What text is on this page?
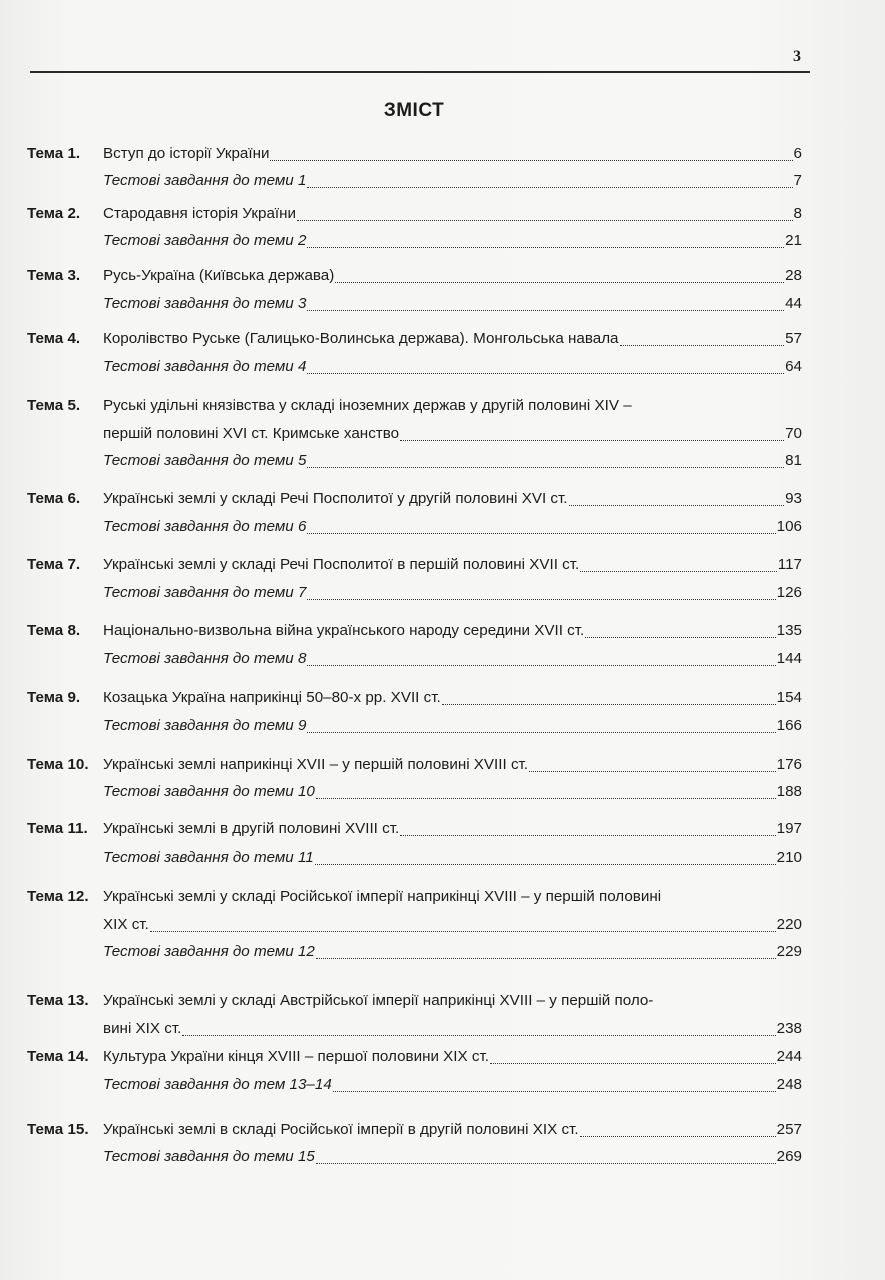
3
ЗМІСТ
Тема 1. Вступ до історії України	6
Тестові завдання до теми 1	7
Тема 2. Стародавня історія України	8
Тестові завдання до теми 2	21
Тема 3. Русь-Україна (Київська держава)	28
Тестові завдання до теми 3	44
Тема 4. Королівство Руське (Галицько-Волинська держава). Монгольська навала	57
Тестові завдання до теми 4	64
Тема 5. Руські удільні князівства у складі іноземних держав у другій половині XIV –
першій половині XVI ст. Кримське ханство	70
Тестові завдання до теми 5	81
Тема 6. Українські землі у складі Речі Посполитої у другій половині XVI ст.	93
Тестові завдання до теми 6	106
Тема 7. Українські землі у складі Речі Посполитої в першій половині XVII ст.	117
Тестові завдання до теми 7	126
Тема 8. Національно-визвольна війна українського народу середини XVII ст.	135
Тестові завдання до теми 8	144
Тема 9. Козацька Україна наприкінці 50–80-х рр. XVII ст.	154
Тестові завдання до теми 9	166
Тема 10. Українські землі наприкінці XVII – у першій половині XVIII ст.	176
Тестові завдання до теми 10	188
Тема 11. Українські землі в другій половині XVIII ст.	197
Тестові завдання до теми 11	210
Тема 12. Українські землі у складі Російської імперії наприкінці XVIII – у першій половині
XIX ст.	220
Тестові завдання до теми 12	229
Тема 13. Українські землі у складі Австрійської імперії наприкінці XVIII – у першій поло-
вині XIX ст.	238
Тема 14. Культура України кінця XVIII – першої половини XIX ст.	244
Тестові завдання до тем 13–14	248
Тема 15. Українські землі в складі Російської імперії в другій половині XIX ст.	257
Тестові завдання до теми 15	269
